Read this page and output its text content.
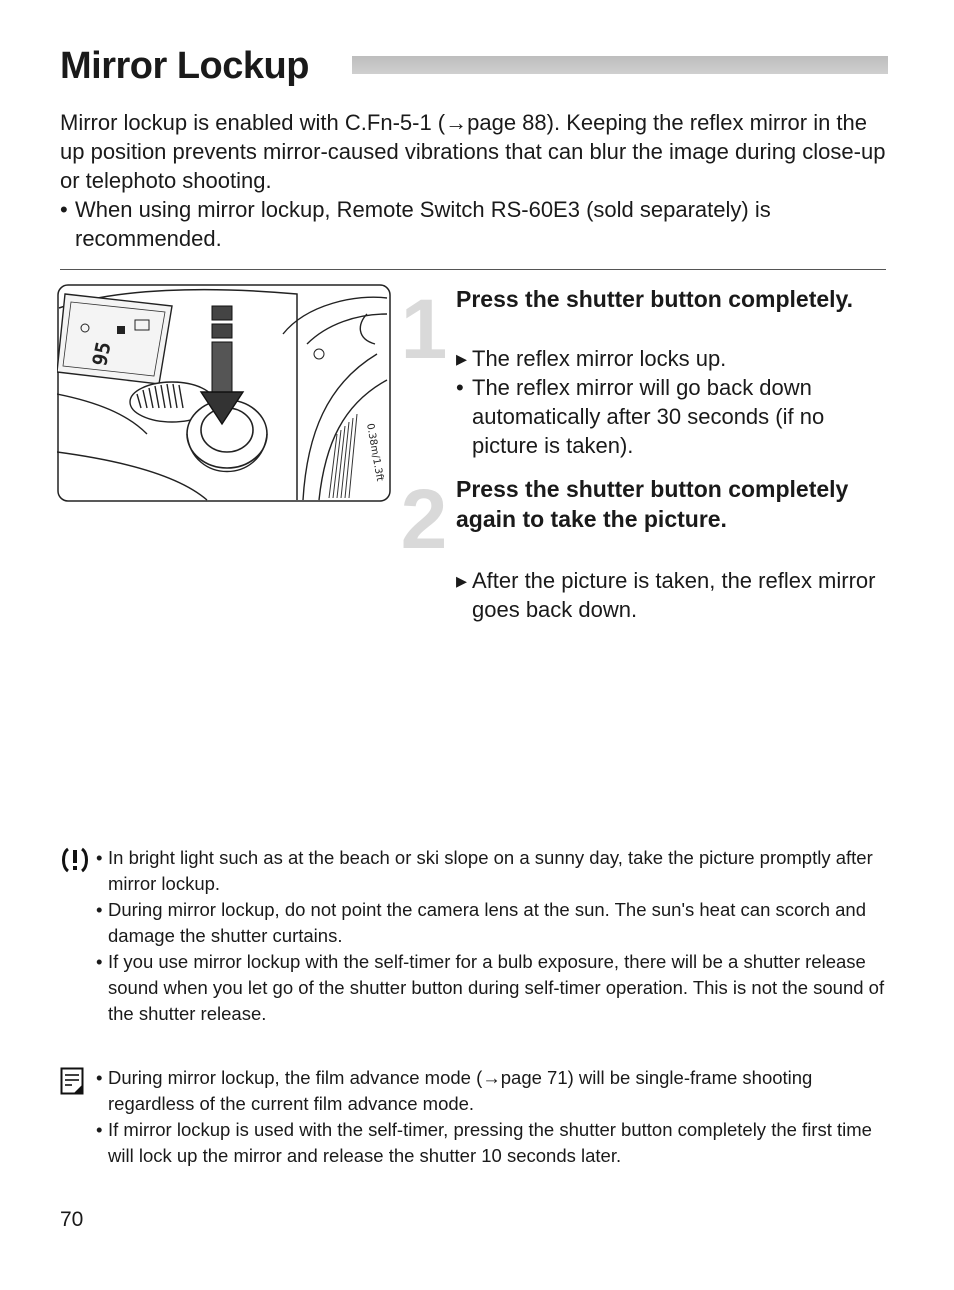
Mirror Lockup

Mirror lockup is enabled with C.Fn-5-1 (→page 88). Keeping the reflex mirror in the up position prevents mirror-caused vibrations that can blur the image during close-up or telephoto shooting.

• When using mirror lockup, Remote Switch RS-60E3 (sold separately) is recommended.
95
0.38m/1.3ft
1 Press the shutter button completely.
▸ The reflex mirror locks up.
• The reflex mirror will go back down automatically after 30 seconds (if no picture is taken).
2 Press the shutter button completely again to take the picture.
▸ After the picture is taken, the reflex mirror goes back down.
• In bright light such as at the beach or ski slope on a sunny day, take the picture promptly after mirror lockup.
• During mirror lockup, do not point the camera lens at the sun. The sun's heat can scorch and damage the shutter curtains.
• If you use mirror lockup with the self-timer for a bulb exposure, there will be a shutter release sound when you let go of the shutter button during self-timer operation. This is not the sound of the shutter release.
• During mirror lockup, the film advance mode (→page 71) will be single-frame shooting regardless of the current film advance mode.
• If mirror lockup is used with the self-timer, pressing the shutter button completely the first time will lock up the mirror and release the shutter 10 seconds later.
70
